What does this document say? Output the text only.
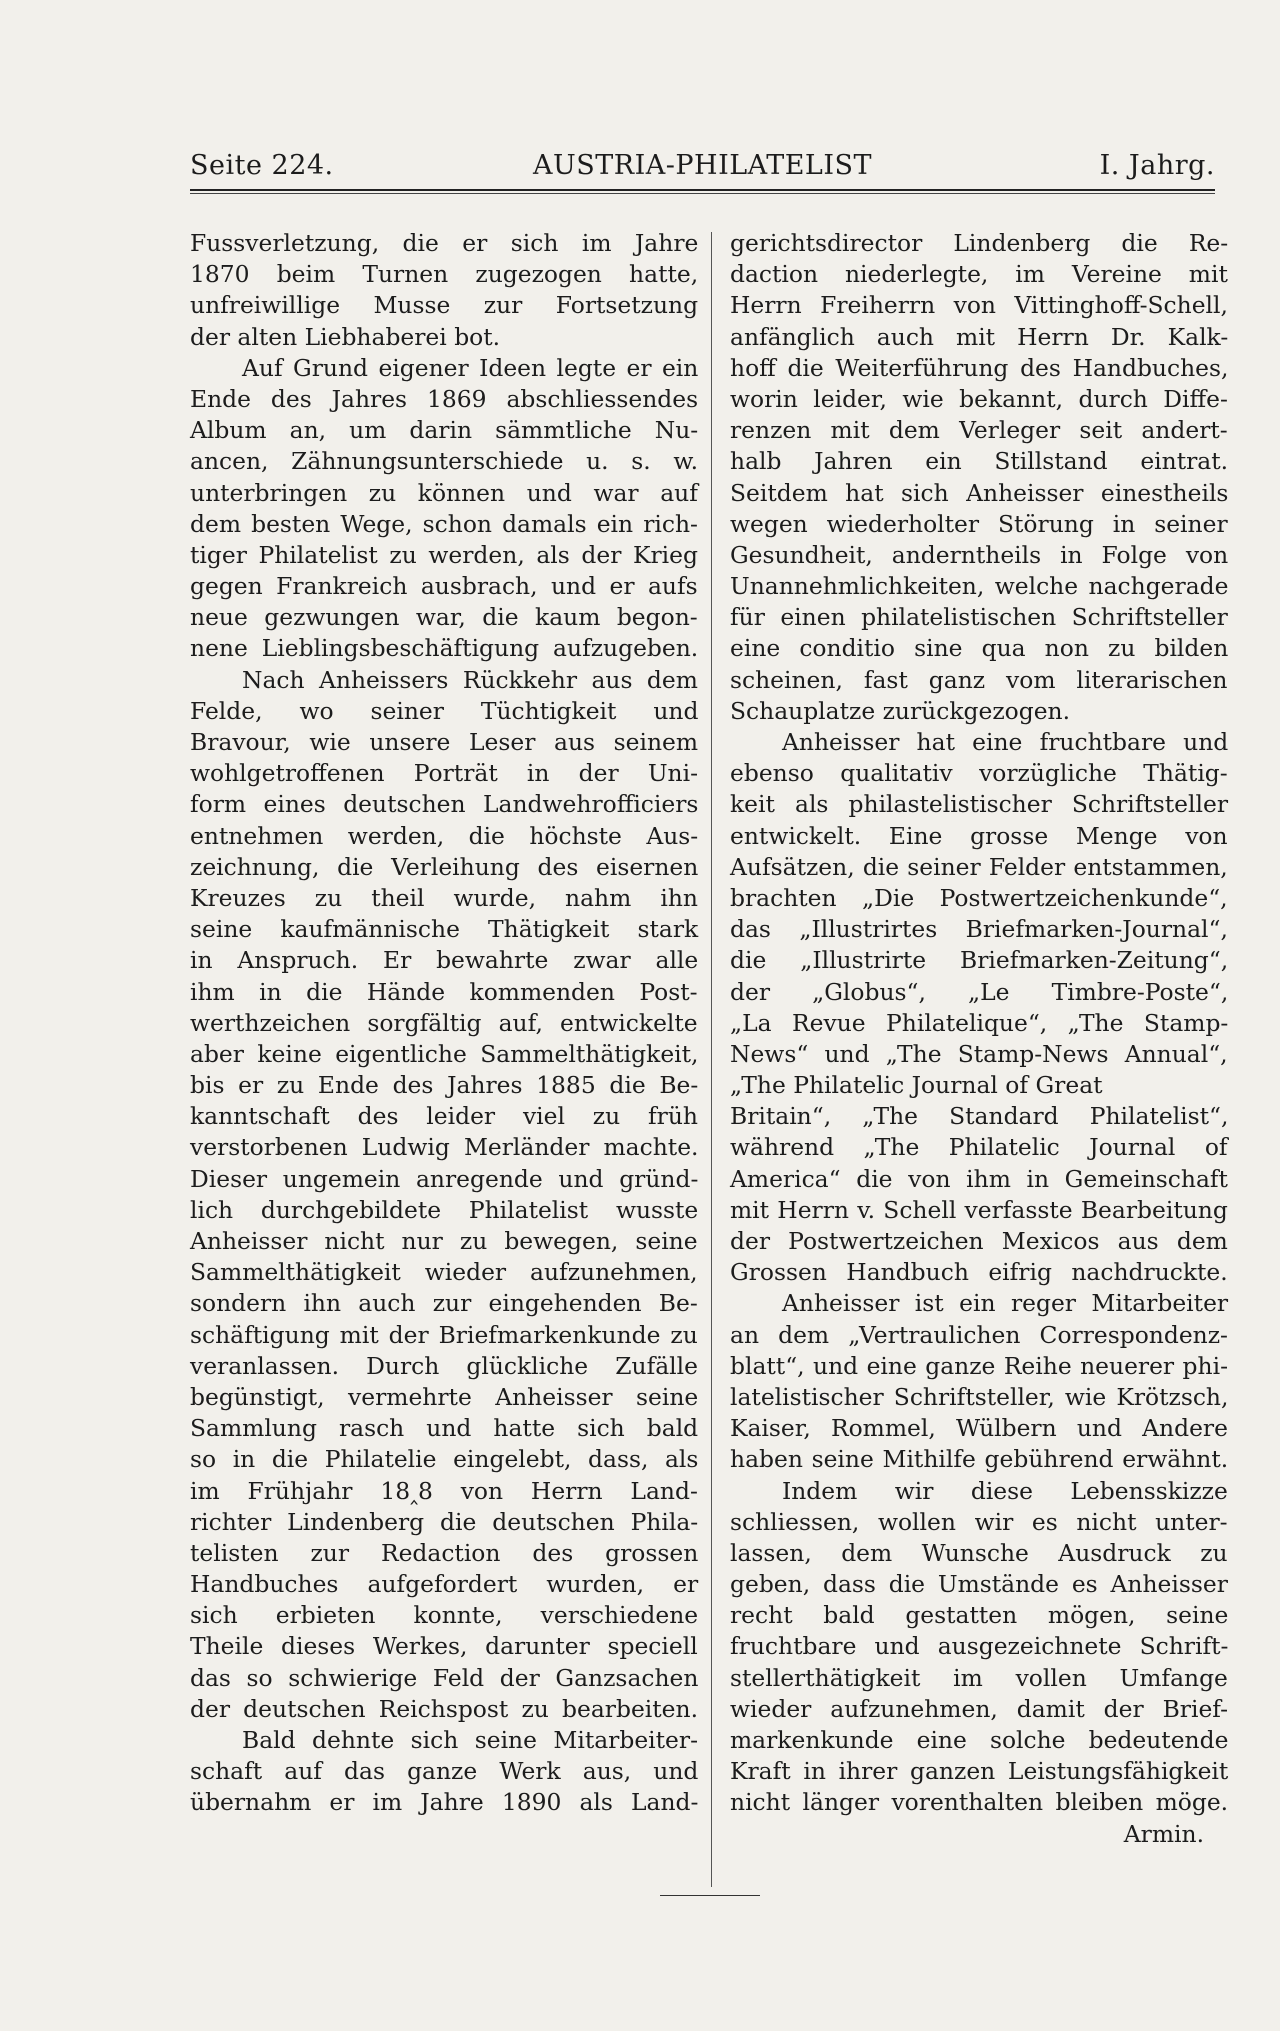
Seite 224.	AUSTRIA-PHILATELIST	I. Jahrg.
Fussverletzung, die er sich im Jahre
1870 beim Turnen zugezogen hatte,
unfreiwillige Musse zur Fortsetzung
der alten Liebhaberei bot.
Auf Grund eigener Ideen legte er ein
Ende des Jahres 1869 abschliessendes
Album an, um darin sämmtliche Nu-
ancen, Zähnungsunterschiede u. s. w.
unterbringen zu können und war auf
dem besten Wege, schon damals ein rich-
tiger Philatelist zu werden, als der Krieg
gegen Frankreich ausbrach, und er aufs
neue gezwungen war, die kaum begon-
nene Lieblingsbeschäftigung aufzugeben.
Nach Anheissers Rückkehr aus dem
Felde, wo seiner Tüchtigkeit und
Bravour, wie unsere Leser aus seinem
wohlgetroffenen Porträt in der Uni-
form eines deutschen Landwehrofficiers
entnehmen werden, die höchste Aus-
zeichnung, die Verleihung des eisernen
Kreuzes zu theil wurde, nahm ihn
seine kaufmännische Thätigkeit stark
in Anspruch. Er bewahrte zwar alle
ihm in die Hände kommenden Post-
werthzeichen sorgfältig auf, entwickelte
aber keine eigentliche Sammelthätigkeit,
bis er zu Ende des Jahres 1885 die Be-
kanntschaft des leider viel zu früh
verstorbenen Ludwig Merländer machte.
Dieser ungemein anregende und gründ-
lich durchgebildete Philatelist wusste
Anheisser nicht nur zu bewegen, seine
Sammelthätigkeit wieder aufzunehmen,
sondern ihn auch zur eingehenden Be-
schäftigung mit der Briefmarkenkunde zu
veranlassen. Durch glückliche Zufälle
begünstigt, vermehrte Anheisser seine
Sammlung rasch und hatte sich bald
so in die Philatelie eingelebt, dass, als
im Frühjahr 18‸8 von Herrn Land-
richter Lindenberg die deutschen Phila-
telisten zur Redaction des grossen
Handbuches aufgefordert wurden, er
sich erbieten konnte, verschiedene
Theile dieses Werkes, darunter speciell
das so schwierige Feld der Ganzsachen
der deutschen Reichspost zu bearbeiten.
Bald dehnte sich seine Mitarbeiter-
schaft auf das ganze Werk aus, und
übernahm er im Jahre 1890 als Land-
gerichtsdirector Lindenberg die Re-
daction niederlegte, im Vereine mit
Herrn Freiherrn von Vittinghoff-Schell,
anfänglich auch mit Herrn Dr. Kalk-
hoff die Weiterführung des Handbuches,
worin leider, wie bekannt, durch Diffe-
renzen mit dem Verleger seit andert-
halb Jahren ein Stillstand eintrat.
Seitdem hat sich Anheisser einestheils
wegen wiederholter Störung in seiner
Gesundheit, anderntheils in Folge von
Unannehmlichkeiten, welche nachgerade
für einen philatelistischen Schriftsteller
eine conditio sine qua non zu bilden
scheinen, fast ganz vom literarischen
Schauplatze zurückgezogen.
Anheisser hat eine fruchtbare und
ebenso qualitativ vorzügliche Thätig-
keit als philastelistischer Schriftsteller
entwickelt. Eine grosse Menge von
Aufsätzen, die seiner Felder entstammen,
brachten „Die Postwertzeichenkunde“,
das „Illustrirtes Briefmarken-Journal“,
die „Illustrirte Briefmarken-Zeitung“,
der „Globus“, „Le Timbre-Poste“,
„La Revue Philatelique“, „The Stamp-
News“ und „The Stamp-News Annual“,
„The Philatelic Journal of Great
Britain“, „The Standard Philatelist“,
während „The Philatelic Journal of
America“ die von ihm in Gemeinschaft
mit Herrn v. Schell verfasste Bearbeitung
der Postwertzeichen Mexicos aus dem
Grossen Handbuch eifrig nachdruckte.
Anheisser ist ein reger Mitarbeiter
an dem „Vertraulichen Correspondenz-
blatt“, und eine ganze Reihe neuerer phi-
latelistischer Schriftsteller, wie Krötzsch,
Kaiser, Rommel, Wülbern und Andere
haben seine Mithilfe gebührend erwähnt.
Indem wir diese Lebensskizze
schliessen, wollen wir es nicht unter-
lassen, dem Wunsche Ausdruck zu
geben, dass die Umstände es Anheisser
recht bald gestatten mögen, seine
fruchtbare und ausgezeichnete Schrift-
stellerthätigkeit im vollen Umfange
wieder aufzunehmen, damit der Brief-
markenkunde eine solche bedeutende
Kraft in ihrer ganzen Leistungsfähigkeit
nicht länger vorenthalten bleiben möge.
Armin.
